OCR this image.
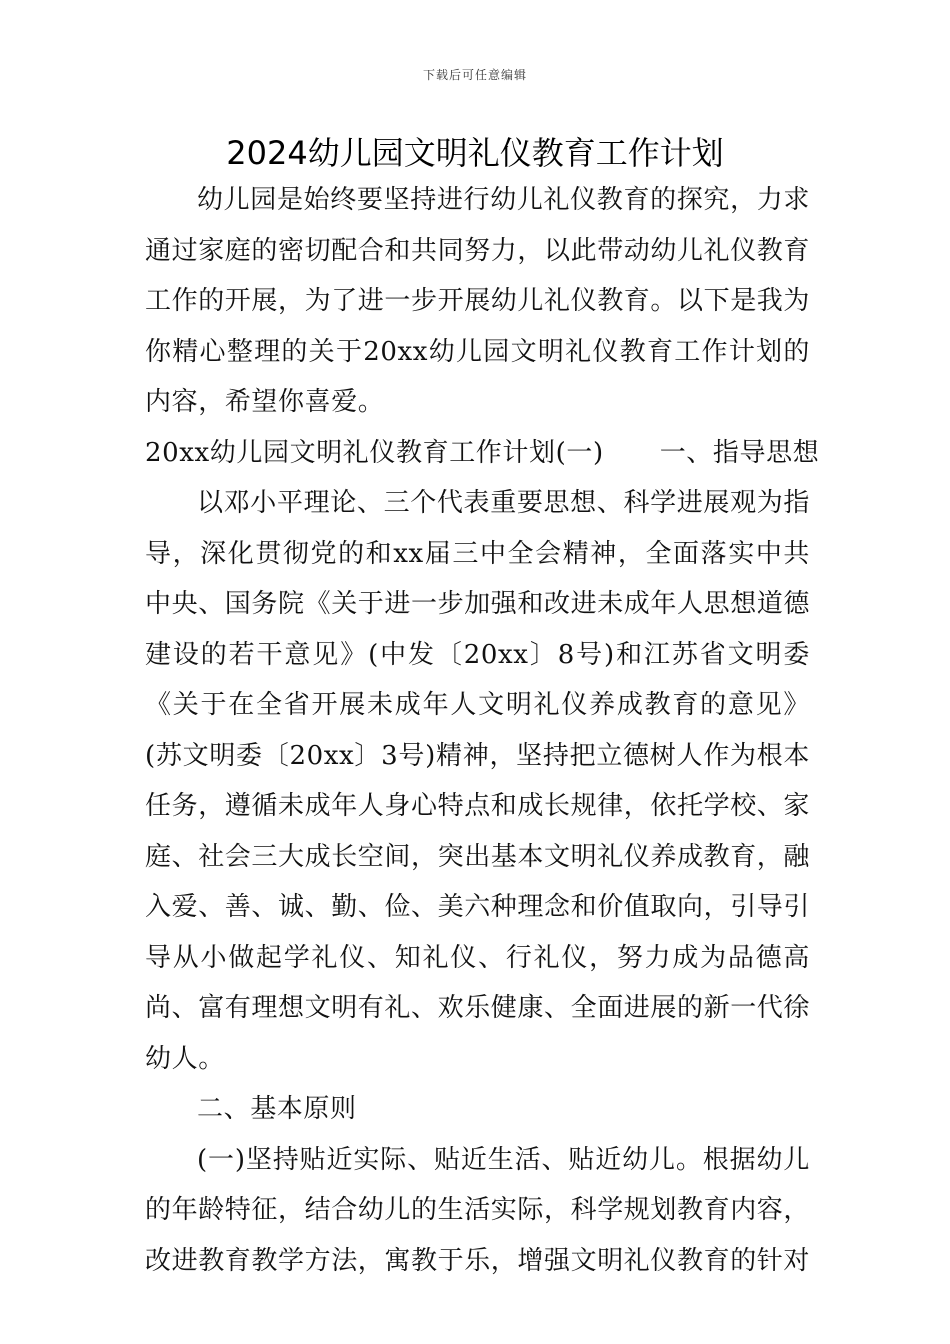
下载后可任意编辑
2024幼儿园文明礼仪教育工作计划

幼儿园是始终要坚持进行幼儿礼仪教育的探究，力求通过家庭的密切配合和共同努力，以此带动幼儿礼仪教育工作的开展，为了进一步开展幼儿礼仪教育。以下是我为你精心整理的关于20xx幼儿园文明礼仪教育工作计划的内容，希望你喜爱。

20xx幼儿园文明礼仪教育工作计划(一) 一、指导思想

以邓小平理论、三个代表重要思想、科学进展观为指导，深化贯彻党的和xx届三中全会精神，全面落实中共中央、国务院《关于进一步加强和改进未成年人思想道德建设的若干意见》(中发〔20xx〕8号)和江苏省文明委《关于在全省开展未成年人文明礼仪养成教育的意见》(苏文明委〔20xx〕3号)精神，坚持把立德树人作为根本任务，遵循未成年人身心特点和成长规律，依托学校、家庭、社会三大成长空间，突出基本文明礼仪养成教育，融入爱、善、诚、勤、俭、美六种理念和价值取向，引导引导从小做起学礼仪、知礼仪、行礼仪，努力成为品德高尚、富有理想文明有礼、欢乐健康、全面进展的新一代徐幼人。

二、基本原则

(一)坚持贴近实际、贴近生活、贴近幼儿。根据幼儿的年龄特征，结合幼儿的生活实际，科学规划教育内容，改进教育教学方法，寓教于乐，增强文明礼仪教育的针对
